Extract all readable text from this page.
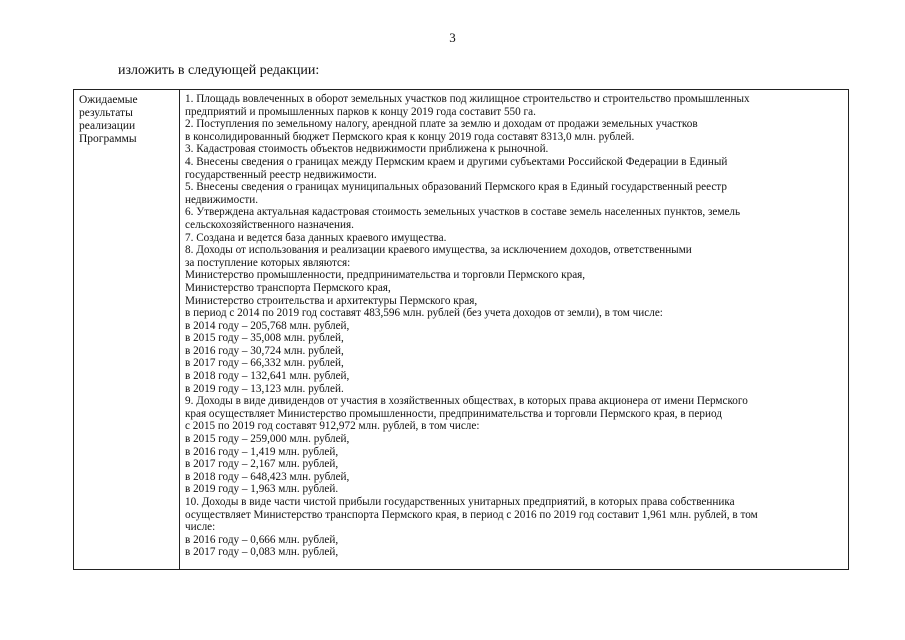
3
изложить в следующей редакции:
Ожидаемые
результаты
реализации
Программы
1. Площадь вовлеченных в оборот земельных участков под жилищное строительство и строительство промышленных
предприятий и промышленных парков к концу 2019 года составит 550 га.
2. Поступления по земельному налогу, арендной плате за землю и доходам от продажи земельных участков
в консолидированный бюджет Пермского края к концу 2019 года составят 8313,0 млн. рублей.
3. Кадастровая стоимость объектов недвижимости приближена к рыночной.
4. Внесены сведения о границах между Пермским краем и другими субъектами Российской Федерации в Единый
государственный реестр недвижимости.
5. Внесены сведения о границах муниципальных образований Пермского края в Единый государственный реестр
недвижимости.
6. Утверждена актуальная кадастровая стоимость земельных участков в составе земель населенных пунктов, земель
сельскохозяйственного назначения.
7. Создана и ведется база данных краевого имущества.
8. Доходы от использования и реализации краевого имущества, за исключением доходов, ответственными
за поступление которых являются:
Министерство промышленности, предпринимательства и торговли Пермского края,
Министерство транспорта Пермского края,
Министерство строительства и архитектуры Пермского края,
в период с 2014 по 2019 год составят 483,596 млн. рублей (без учета доходов от земли), в том числе:
в 2014 году – 205,768 млн. рублей,
в 2015 году – 35,008 млн. рублей,
в 2016 году – 30,724 млн. рублей,
в 2017 году – 66,332 млн. рублей,
в 2018 году – 132,641 млн. рублей,
в 2019 году – 13,123 млн. рублей.
9. Доходы в виде дивидендов от участия в хозяйственных обществах, в которых права акционера от имени Пермского
края осуществляет Министерство промышленности, предпринимательства и торговли Пермского края, в период
с 2015 по 2019 год составят 912,972 млн. рублей, в том числе:
в 2015 году – 259,000 млн. рублей,
в 2016 году – 1,419 млн. рублей,
в 2017 году – 2,167 млн. рублей,
в 2018 году – 648,423 млн. рублей,
в 2019 году – 1,963 млн. рублей.
10. Доходы в виде части чистой прибыли государственных унитарных предприятий, в которых права собственника
осуществляет Министерство транспорта Пермского края, в период с 2016 по 2019 год составит 1,961 млн. рублей, в том
числе:
в 2016 году – 0,666 млн. рублей,
в 2017 году – 0,083 млн. рублей,
